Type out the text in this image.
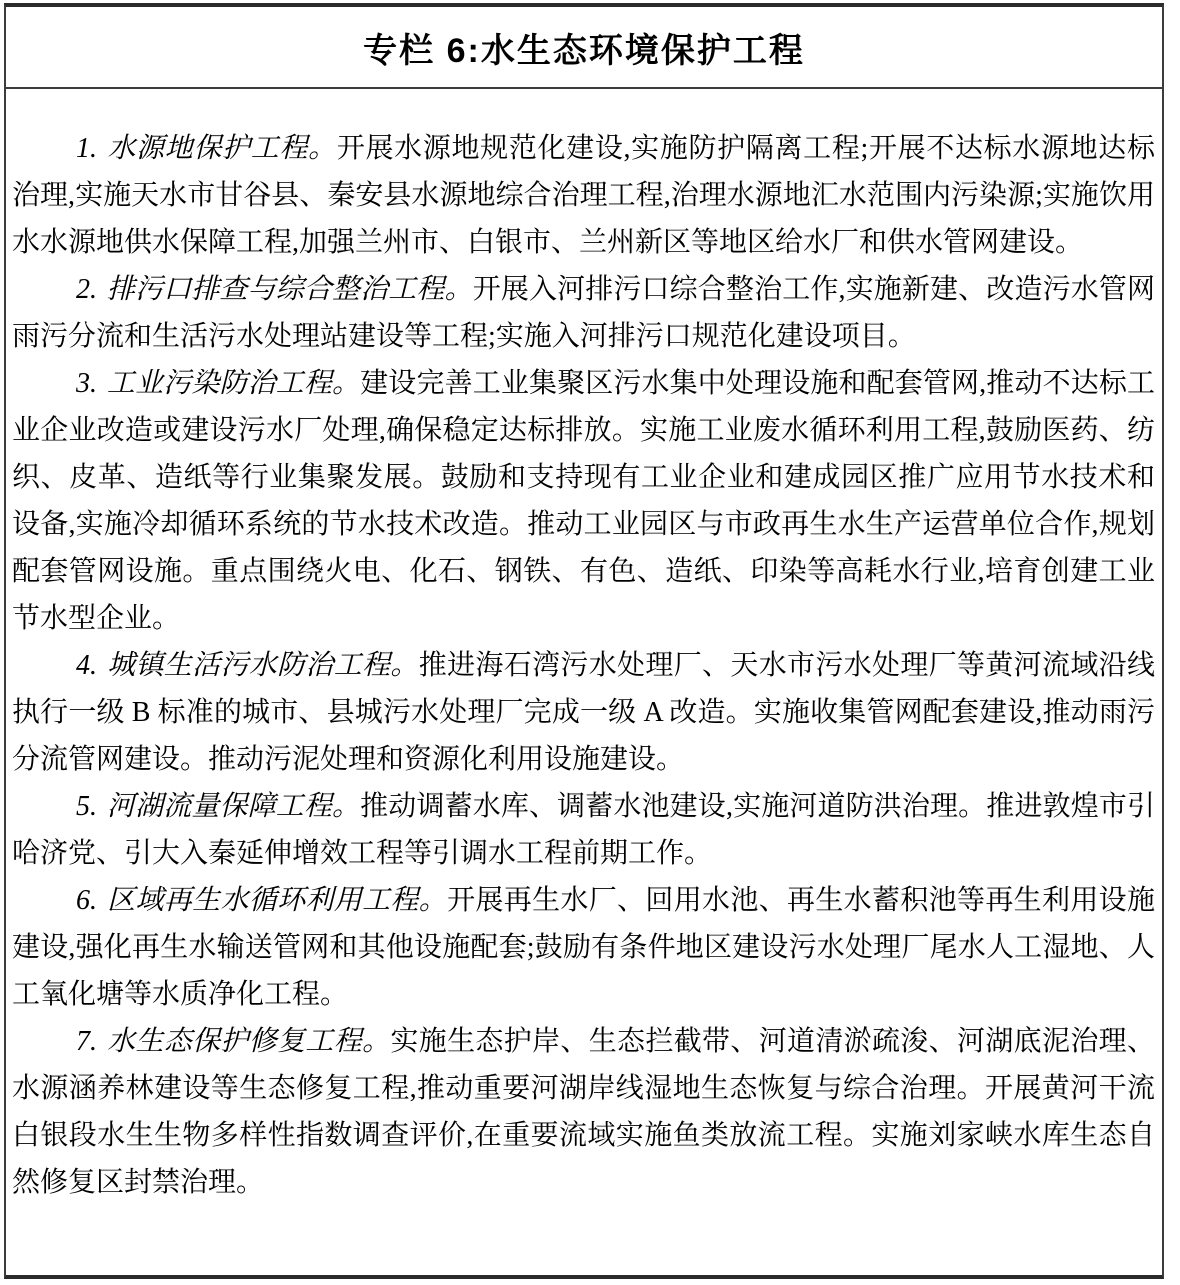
专栏 6:水生态环境保护工程

1. 水源地保护工程。开展水源地规范化建设,实施防护隔离工程;开展不达标水源地达标治理,实施天水市甘谷县、秦安县水源地综合治理工程,治理水源地汇水范围内污染源;实施饮用水水源地供水保障工程,加强兰州市、白银市、兰州新区等地区给水厂和供水管网建设。

2. 排污口排查与综合整治工程。开展入河排污口综合整治工作,实施新建、改造污水管网雨污分流和生活污水处理站建设等工程;实施入河排污口规范化建设项目。

3. 工业污染防治工程。建设完善工业集聚区污水集中处理设施和配套管网,推动不达标工业企业改造或建设污水厂处理,确保稳定达标排放。实施工业废水循环利用工程,鼓励医药、纺织、皮革、造纸等行业集聚发展。鼓励和支持现有工业企业和建成园区推广应用节水技术和设备,实施冷却循环系统的节水技术改造。推动工业园区与市政再生水生产运营单位合作,规划配套管网设施。重点围绕火电、化石、钢铁、有色、造纸、印染等高耗水行业,培育创建工业节水型企业。

4. 城镇生活污水防治工程。推进海石湾污水处理厂、天水市污水处理厂等黄河流域沿线执行一级 B 标准的城市、县城污水处理厂完成一级 A 改造。实施收集管网配套建设,推动雨污分流管网建设。推动污泥处理和资源化利用设施建设。

5. 河湖流量保障工程。推动调蓄水库、调蓄水池建设,实施河道防洪治理。推进敦煌市引哈济党、引大入秦延伸增效工程等引调水工程前期工作。

6. 区域再生水循环利用工程。开展再生水厂、回用水池、再生水蓄积池等再生利用设施建设,强化再生水输送管网和其他设施配套;鼓励有条件地区建设污水处理厂尾水人工湿地、人工氧化塘等水质净化工程。

7. 水生态保护修复工程。实施生态护岸、生态拦截带、河道清淤疏浚、河湖底泥治理、水源涵养林建设等生态修复工程,推动重要河湖岸线湿地生态恢复与综合治理。开展黄河干流白银段水生生物多样性指数调查评价,在重要流域实施鱼类放流工程。实施刘家峡水库生态自然修复区封禁治理。
